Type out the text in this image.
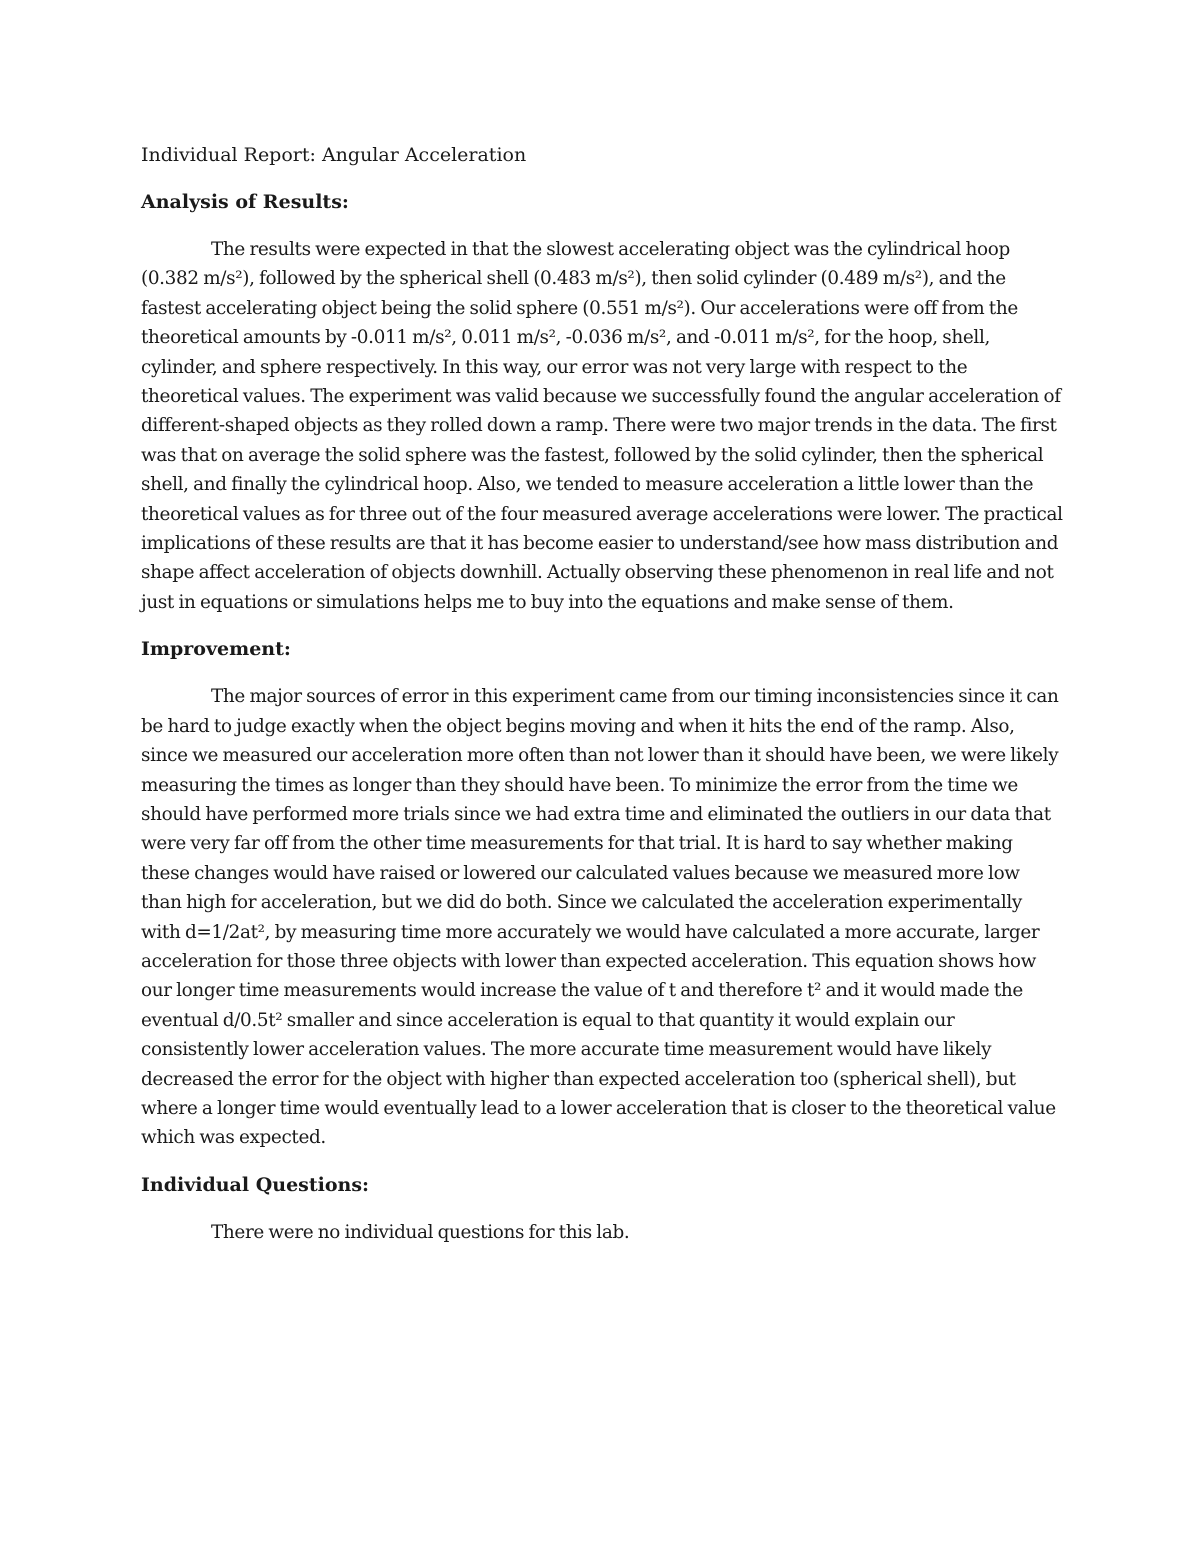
Individual Report: Angular Acceleration
Analysis of Results:

The results were expected in that the slowest accelerating object was the cylindrical hoop (0.382 m/s²), followed by the spherical shell (0.483 m/s²), then solid cylinder (0.489 m/s²), and the fastest accelerating object being the solid sphere (0.551 m/s²). Our accelerations were off from the theoretical amounts by -0.011 m/s², 0.011 m/s², -0.036 m/s², and -0.011 m/s², for the hoop, shell, cylinder, and sphere respectively. In this way, our error was not very large with respect to the theoretical values. The experiment was valid because we successfully found the angular acceleration of different-shaped objects as they rolled down a ramp. There were two major trends in the data. The first was that on average the solid sphere was the fastest, followed by the solid cylinder, then the spherical shell, and finally the cylindrical hoop. Also, we tended to measure acceleration a little lower than the theoretical values as for three out of the four measured average accelerations were lower. The practical implications of these results are that it has become easier to understand/see how mass distribution and shape affect acceleration of objects downhill. Actually observing these phenomenon in real life and not just in equations or simulations helps me to buy into the equations and make sense of them.

Improvement:

The major sources of error in this experiment came from our timing inconsistencies since it can be hard to judge exactly when the object begins moving and when it hits the end of the ramp. Also, since we measured our acceleration more often than not lower than it should have been, we were likely measuring the times as longer than they should have been. To minimize the error from the time we should have performed more trials since we had extra time and eliminated the outliers in our data that were very far off from the other time measurements for that trial. It is hard to say whether making these changes would have raised or lowered our calculated values because we measured more low than high for acceleration, but we did do both. Since we calculated the acceleration experimentally with d=1/2at², by measuring time more accurately we would have calculated a more accurate, larger acceleration for those three objects with lower than expected acceleration. This equation shows how our longer time measurements would increase the value of t and therefore t² and it would made the eventual d/0.5t² smaller and since acceleration is equal to that quantity it would explain our consistently lower acceleration values. The more accurate time measurement would have likely decreased the error for the object with higher than expected acceleration too (spherical shell), but where a longer time would eventually lead to a lower acceleration that is closer to the theoretical value which was expected.

Individual Questions:

There were no individual questions for this lab.
